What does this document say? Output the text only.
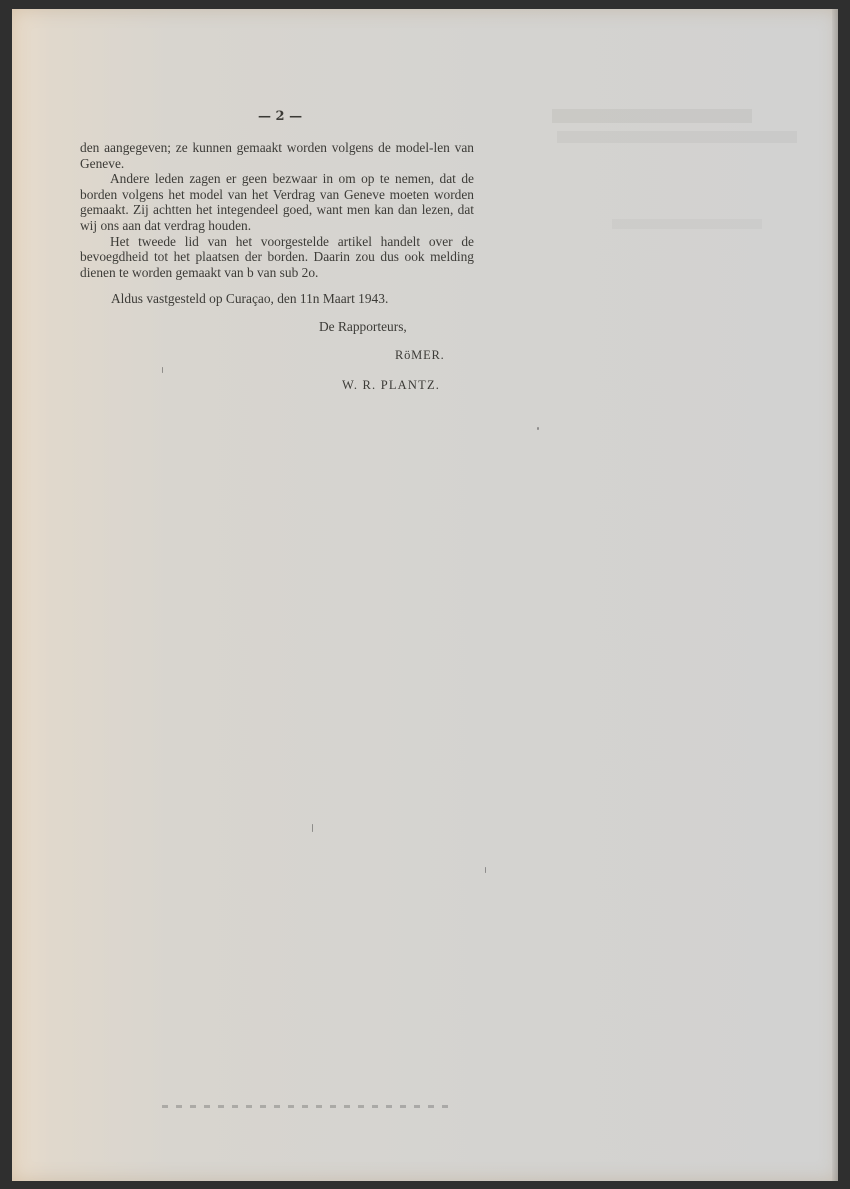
— 2 —

den aangegeven; ze kunnen gemaakt worden volgens de model-len van Geneve.

Andere leden zagen er geen bezwaar in om op te nemen, dat de borden volgens het model van het Verdrag van Geneve moeten worden gemaakt. Zij achtten het integendeel goed, want men kan dan lezen, dat wij ons aan dat verdrag houden.

Het tweede lid van het voorgestelde artikel handelt over de bevoegdheid tot het plaatsen der borden. Daarin zou dus ook melding dienen te worden gemaakt van b van sub 2o.

Aldus vastgesteld op Curaçao, den 11n Maart 1943.
De Rapporteurs,
RöMER.
W. R. PLANTZ.
